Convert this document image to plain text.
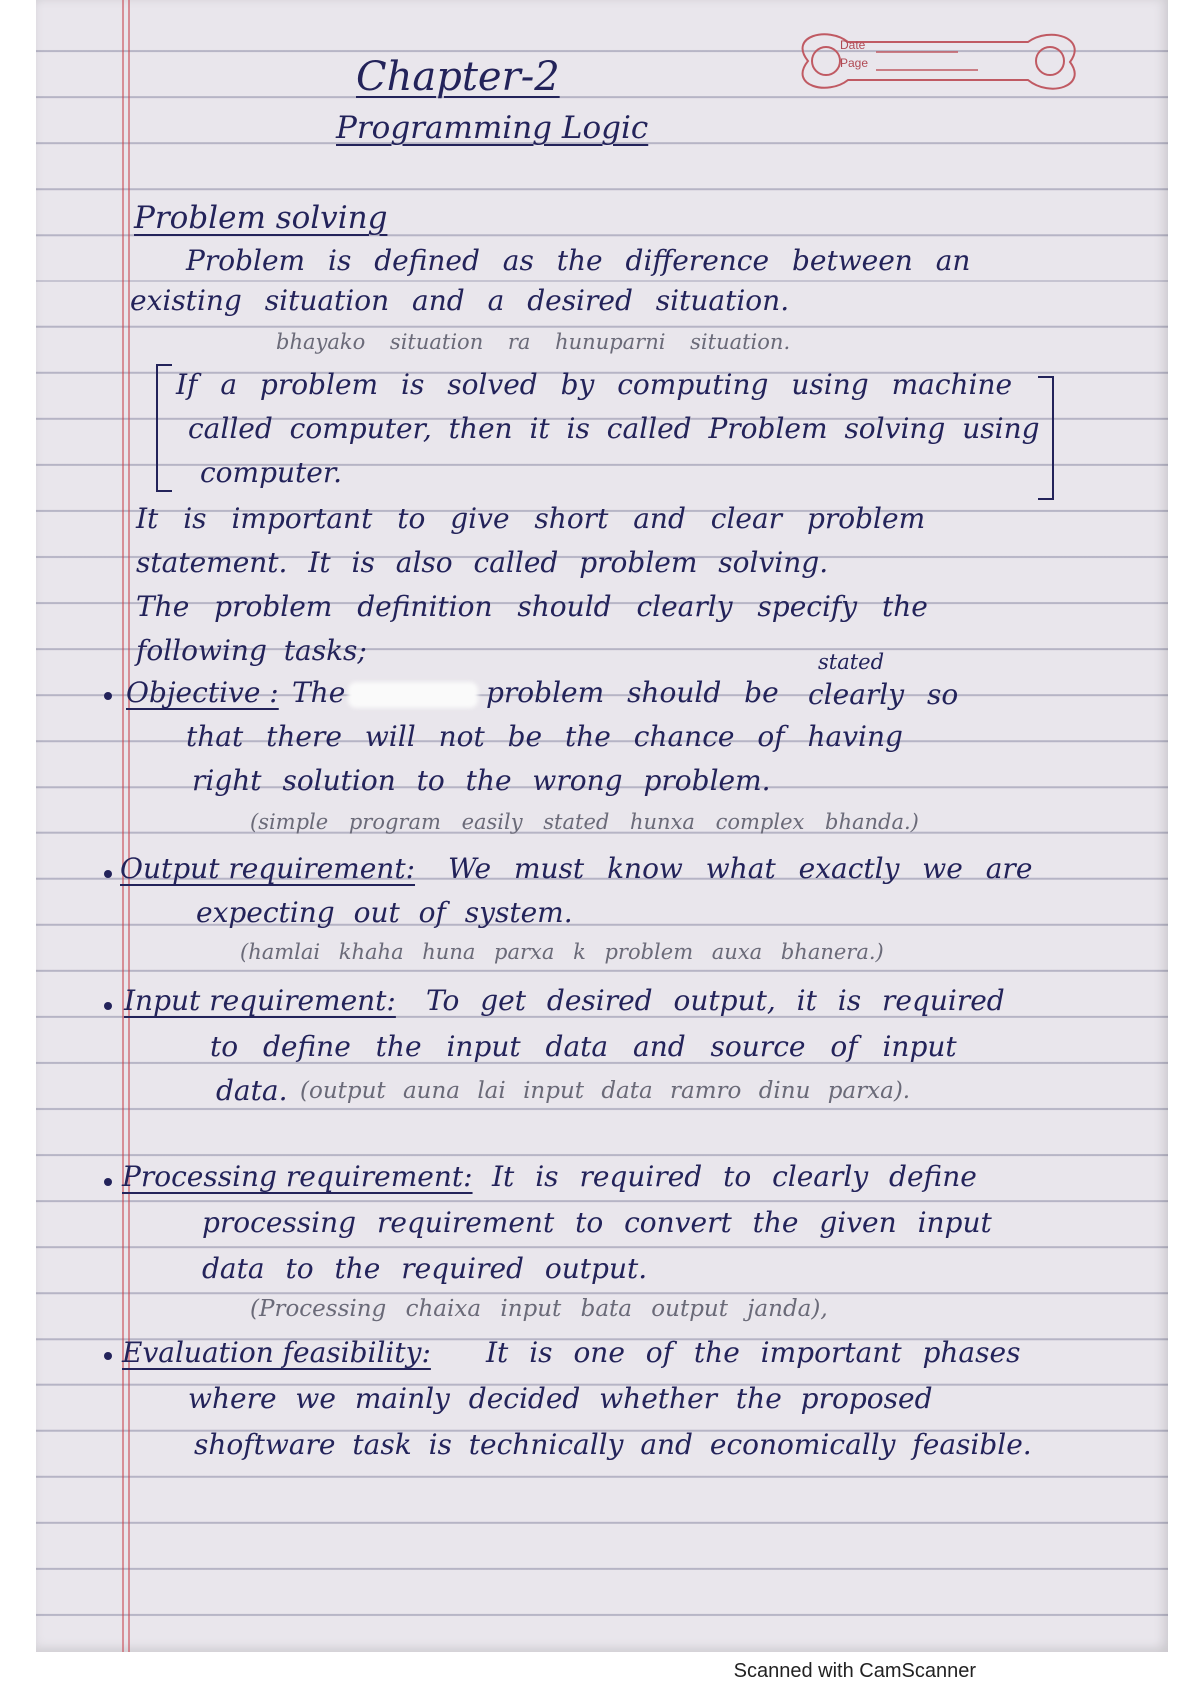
Date
Page
Chapter-2
Programming Logic
Problem solving
Problem is defined as the difference between an
existing situation and a desired situation.
bhayako situation ra hunuparni situation.
If a problem is solved by computing using machine
called computer, then it is called Problem solving using
computer.
It is important to give short and clear problem
statement. It is also called problem solving.
The problem definition should clearly specify the
following tasks;
Objective : The	problem should be
stated
clearly so
that there will not be the chance of having
right solution to the wrong problem.
(simple program easily stated hunxa complex bhanda.)
Output requirement: We must know what exactly we are
expecting out of system.
(hamlai khaha huna parxa k problem auxa bhanera.)
Input requirement: To get desired output, it is required
to define the input data and source of input
data. (output auna lai input data ramro dinu parxa).
Processing requirement: It is required to clearly define
processing requirement to convert the given input
data to the required output.
(Processing chaixa input bata output janda),
Evaluation feasibility: It is one of the important phases
where we mainly decided whether the proposed
shoftware task is technically and economically feasible.
Scanned with CamScanner
